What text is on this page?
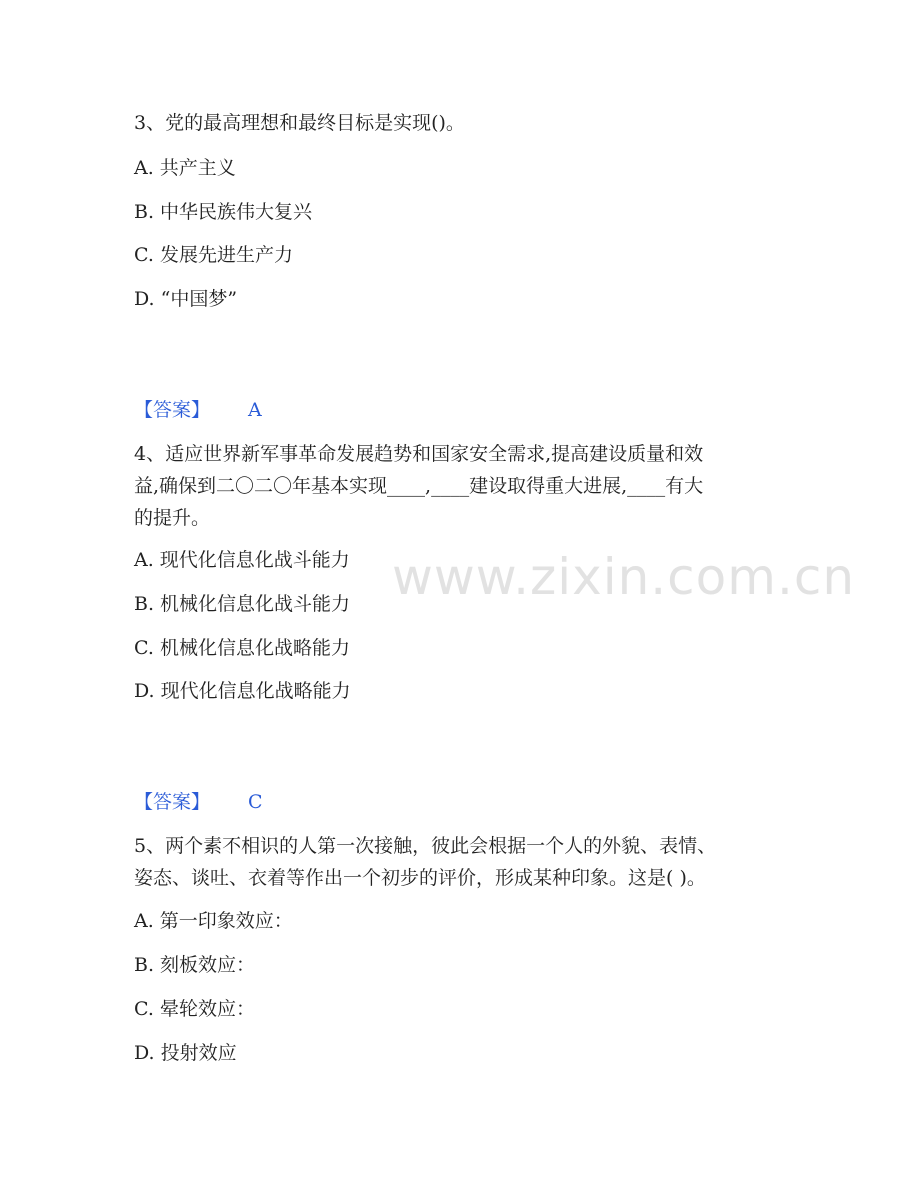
www.zixin.com.cn
3、党的最高理想和最终目标是实现()。
A. 共产主义
B. 中华民族伟大复兴
C. 发展先进生产力
D. “中国梦”
【答案】 A
4、适应世界新军事革命发展趋势和国家安全需求,提高建设质量和效
益,确保到二〇二〇年基本实现____,____建设取得重大进展,____有大
的提升。
A. 现代化信息化战斗能力
B. 机械化信息化战斗能力
C. 机械化信息化战略能力
D. 现代化信息化战略能力
【答案】 C
5、两个素不相识的人第一次接触，彼此会根据一个人的外貌、表情、
姿态、谈吐、衣着等作出一个初步的评价，形成某种印象。这是( )。
A. 第一印象效应：
B. 刻板效应：
C. 晕轮效应：
D. 投射效应
